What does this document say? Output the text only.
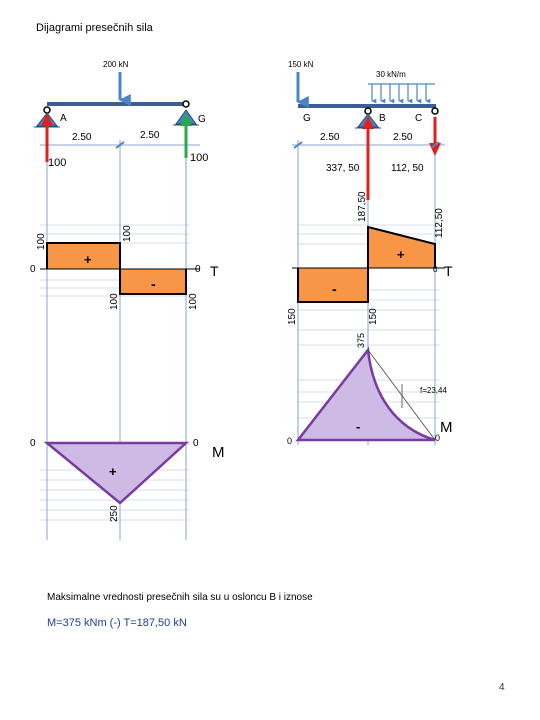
Dijagrami presečnih sila
200 kN
A	G
2.50	2.50
100	100
+
-
0	0 T
100	100
100	100
0	0
M
+
250
150 kN
30 kN/m
G	B	C
2.50	2.50
337, 50	112, 50
+
-
0 T
187,50
112,50
150	150
0	0
M
-
375
f=23,44
Maksimalne vrednosti presečnih sila su u osloncu B i iznose
M=375 kNm (-) T=187,50 kN
4
